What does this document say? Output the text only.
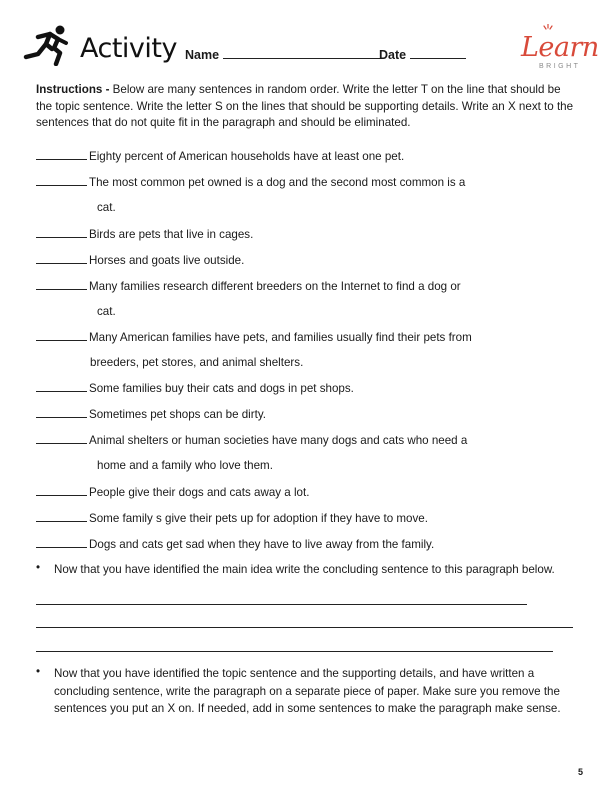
Activity Name	Date	Learn
BRIGHT
Instructions - Below are many sentences in random order. Write the letter T on the line that should be the topic sentence. Write the letter S on the lines that should be supporting details. Write an X next to the sentences that do not quite fit in the paragraph and should be eliminated.
Eighty percent of American households have at least one pet.
The most common pet owned is a dog and the second most common is a
cat.
Birds are pets that live in cages.
Horses and goats live outside.
Many families research different breeders on the Internet to find a dog or
cat.
Many American families have pets, and families usually find their pets from
breeders, pet stores, and animal shelters.
Some families buy their cats and dogs in pet shops.
Sometimes pet shops can be dirty.
Animal shelters or human societies have many dogs and cats who need a
home and a family who love them.
People give their dogs and cats away a lot.
Some family s give their pets up for adoption if they have to move.
Dogs and cats get sad when they have to live away from the family.
• Now that you have identified the main idea write the concluding sentence to this paragraph below.
• Now that you have identified the topic sentence and the supporting details, and have written a concluding sentence, write the paragraph on a separate piece of paper. Make sure you remove the sentences you put an X on. If needed, add in some sentences to make the paragraph make sense.
5
